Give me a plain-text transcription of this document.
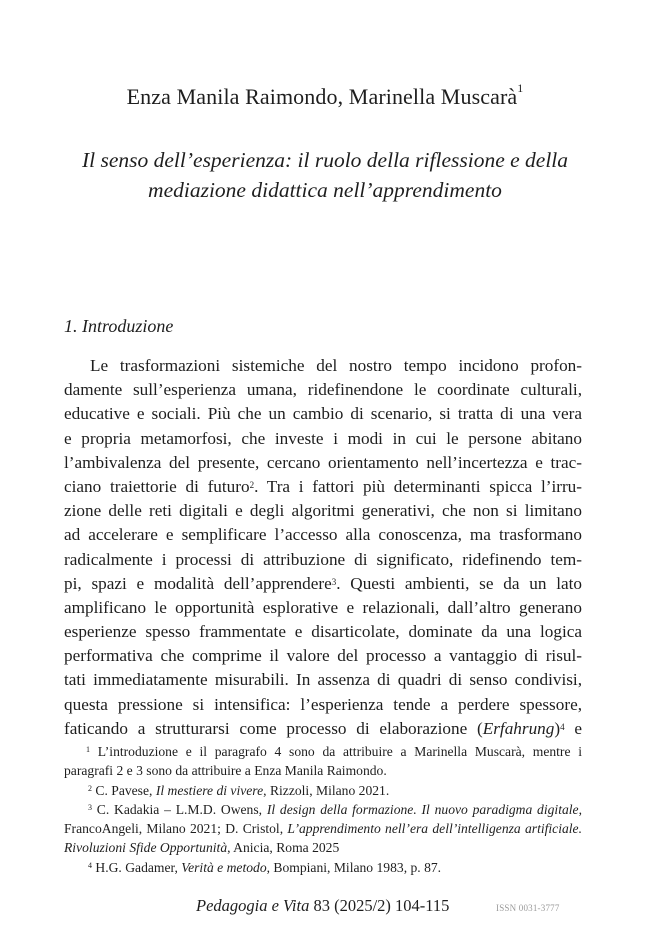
Enza Manila Raimondo, Marinella Muscarà$^1$
Il senso dell’esperienza: il ruolo della riflessione e della
mediazione didattica nell’apprendimento
1. Introduzione
Le trasformazioni sistemiche del nostro tempo incidono profon-
damente sull’esperienza umana, ridefinendone le coordinate culturali,
educative e sociali. Più che un cambio di scenario, si tratta di una vera
e propria metamorfosi, che investe i modi in cui le persone abitano
l’ambivalenza del presente, cercano orientamento nell’incertezza e trac-
ciano traiettorie di futuro$^2$. Tra i fattori più determinanti spicca l’irru-
zione delle reti digitali e degli algoritmi generativi, che non si limitano
ad accelerare e semplificare l’accesso alla conoscenza, ma trasformano
radicalmente i processi di attribuzione di significato, ridefinendo tem-
pi, spazi e modalità dell’apprendere$^3$. Questi ambienti, se da un lato
amplificano le opportunità esplorative e relazionali, dall’altro generano
esperienze spesso frammentate e disarticolate, dominate da una logica
performativa che comprime il valore del processo a vantaggio di risul-
tati immediatamente misurabili. In assenza di quadri di senso condivisi,
questa pressione si intensifica: l’esperienza tende a perdere spessore,
faticando a strutturarsi come processo di elaborazione (Erfahrung)$^4$ e
$^1$ L’introduzione e il paragrafo 4 sono da attribuire a Marinella Muscarà, mentre i
paragrafi 2 e 3 sono da attribuire a Enza Manila Raimondo.
$^2$ C. Pavese, Il mestiere di vivere, Rizzoli, Milano 2021.
$^3$ C. Kadakia – L.M.D. Owens, Il design della formazione. Il nuovo paradigma digitale,
FrancoAngeli, Milano 2021; D. Cristol, L’apprendimento nell’era dell’intelligenza artificiale.
Rivoluzioni Sfide Opportunità, Anicia, Roma 2025
$^4$ H.G. Gadamer, Verità e metodo, Bompiani, Milano 1983, p. 87.
Pedagogia e Vita 83 (2025/2) 104-115	ISSN 0031-3777
